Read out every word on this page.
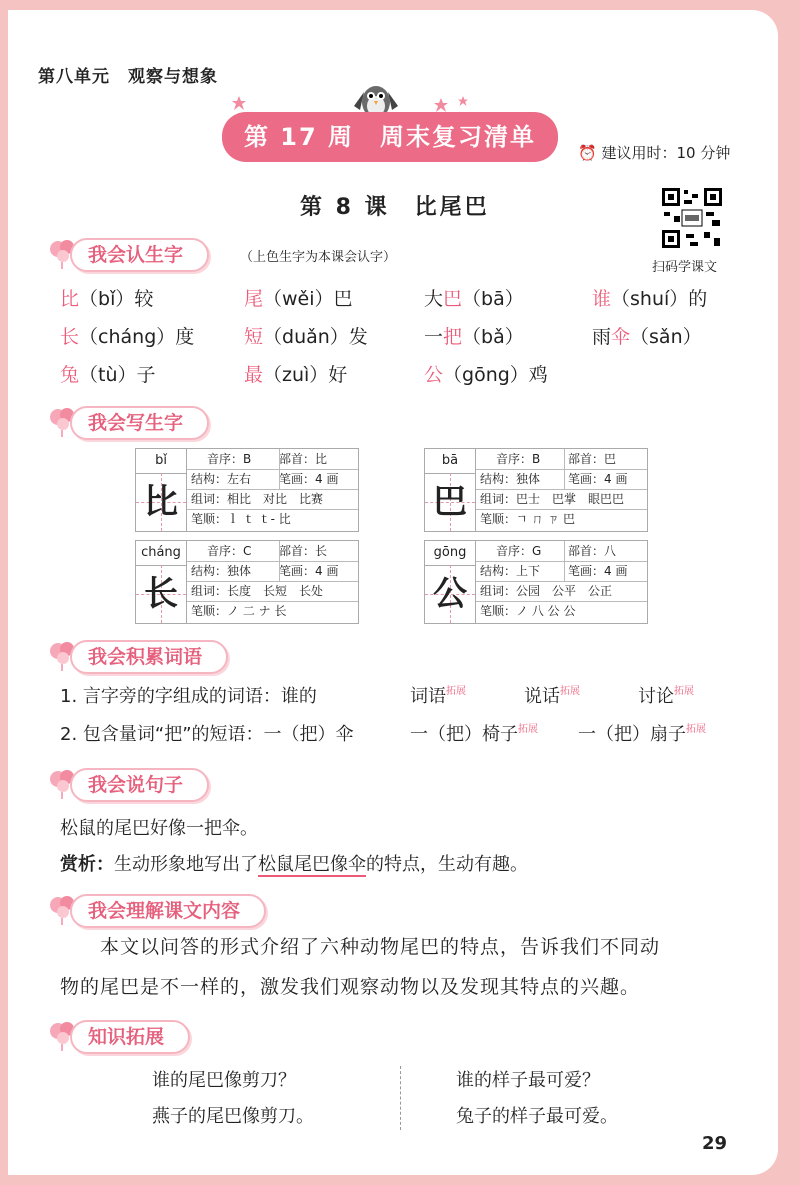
第八单元　观察与想象
第 17 周　周末复习清单
⏰ 建议用时：10 分钟
第 8 课　比尾巴
扫码学课文
我会认生字	（上色生字为本课会认字）
比（bǐ）较	尾（wěi）巴	大巴（bā）	谁（shuí）的
长（cháng）度	短（duǎn）发	一把（bǎ）	雨伞（sǎn）
兔（tù）子	最（zuì）好	公（gōng）鸡
我会写生字
bǐ
比
音序：B 部首：比
结构：左右 笔画：4 画
组词：相比　对比　比赛
笔顺：ｌ ｔ ｔ- 比
bā
巴
音序：B 部首：巴
结构：独体 笔画：4 画
组词：巴士　巴掌　眼巴巴
笔顺：ㄱ ㄇ ㄗ 巴
cháng
长
音序：C 部首：长
结构：独体 笔画：4 画
组词：长度　长短　长处
笔顺：ノ 二 ナ 长
gōng
公
音序：G 部首：八
结构：上下 笔画：4 画
组词：公园　公平　公正
笔顺：ノ 八 公 公
我会积累词语
1. 言字旁的字组成的词语：谁的	词语$^{拓展}$	说话$^{拓展}$	讨论$^{拓展}$
2. 包含量词“把”的短语：一（把）伞	一（把）椅子$^{拓展}$ 一（把）扇子$^{拓展}$
我会说句子
松鼠的尾巴好像一把伞。
赏析：生动形象地写出了松鼠尾巴像伞的特点，生动有趣。
我会理解课文内容
　　本文以问答的形式介绍了六种动物尾巴的特点，告诉我们不同动
物的尾巴是不一样的，激发我们观察动物以及发现其特点的兴趣。
知识拓展
谁的尾巴像剪刀？
燕子的尾巴像剪刀。
谁的样子最可爱？
兔子的样子最可爱。
29
